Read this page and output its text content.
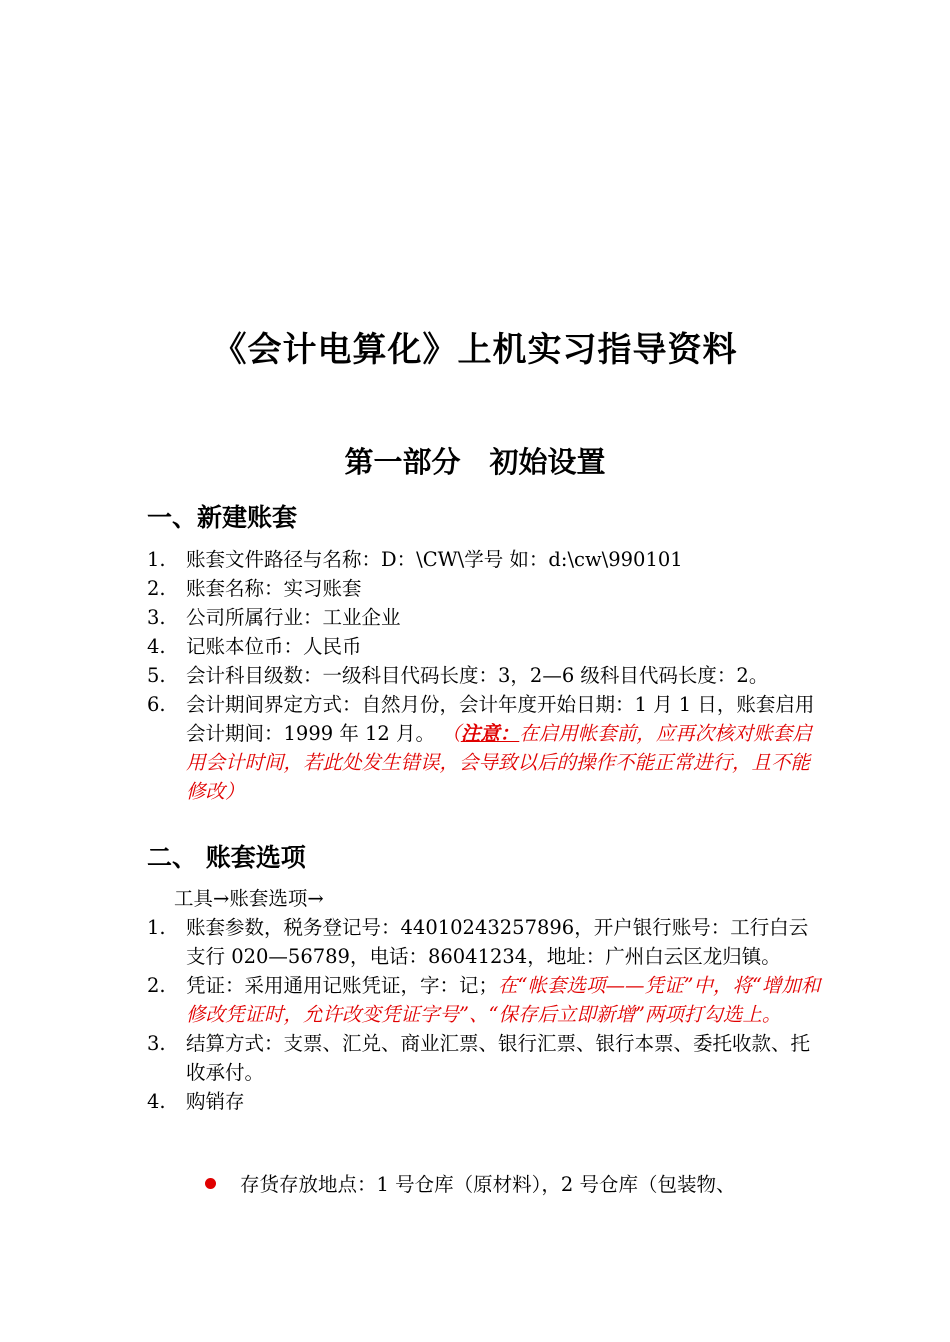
《会计电算化》上机实习指导资料
第一部分　初始设置
一、新建账套
1. 账套文件路径与名称：D：\CW\学号 如：d:\cw\990101
2. 账套名称：实习账套
3. 公司所属行业：工业企业
4. 记账本位币：人民币
5. 会计科目级数：一级科目代码长度：3，2—6 级科目代码长度：2。
6. 会计期间界定方式：自然月份，会计年度开始日期：1 月 1 日，账套启用会计期间：1999 年 12 月。 （注意：在启用帐套前，应再次核对账套启用会计时间，若此处发生错误，会导致以后的操作不能正常进行，且不能修改）
二、 账套选项

工具→账套选项→

1. 账套参数，税务登记号：44010243257896，开户银行账号：工行白云支行 020—56789，电话：86041234，地址：广州白云区龙归镇。
2. 凭证：采用通用记账凭证，字：记；在“帐套选项——凭证”中，将“增加和修改凭证时，允许改变凭证字号”、“保存后立即新增”两项打勾选上。
3. 结算方式：支票、汇兑、商业汇票、银行汇票、银行本票、委托收款、托收承付。
4. 购销存

存货存放地点：1 号仓库（原材料），2 号仓库（包装物、
